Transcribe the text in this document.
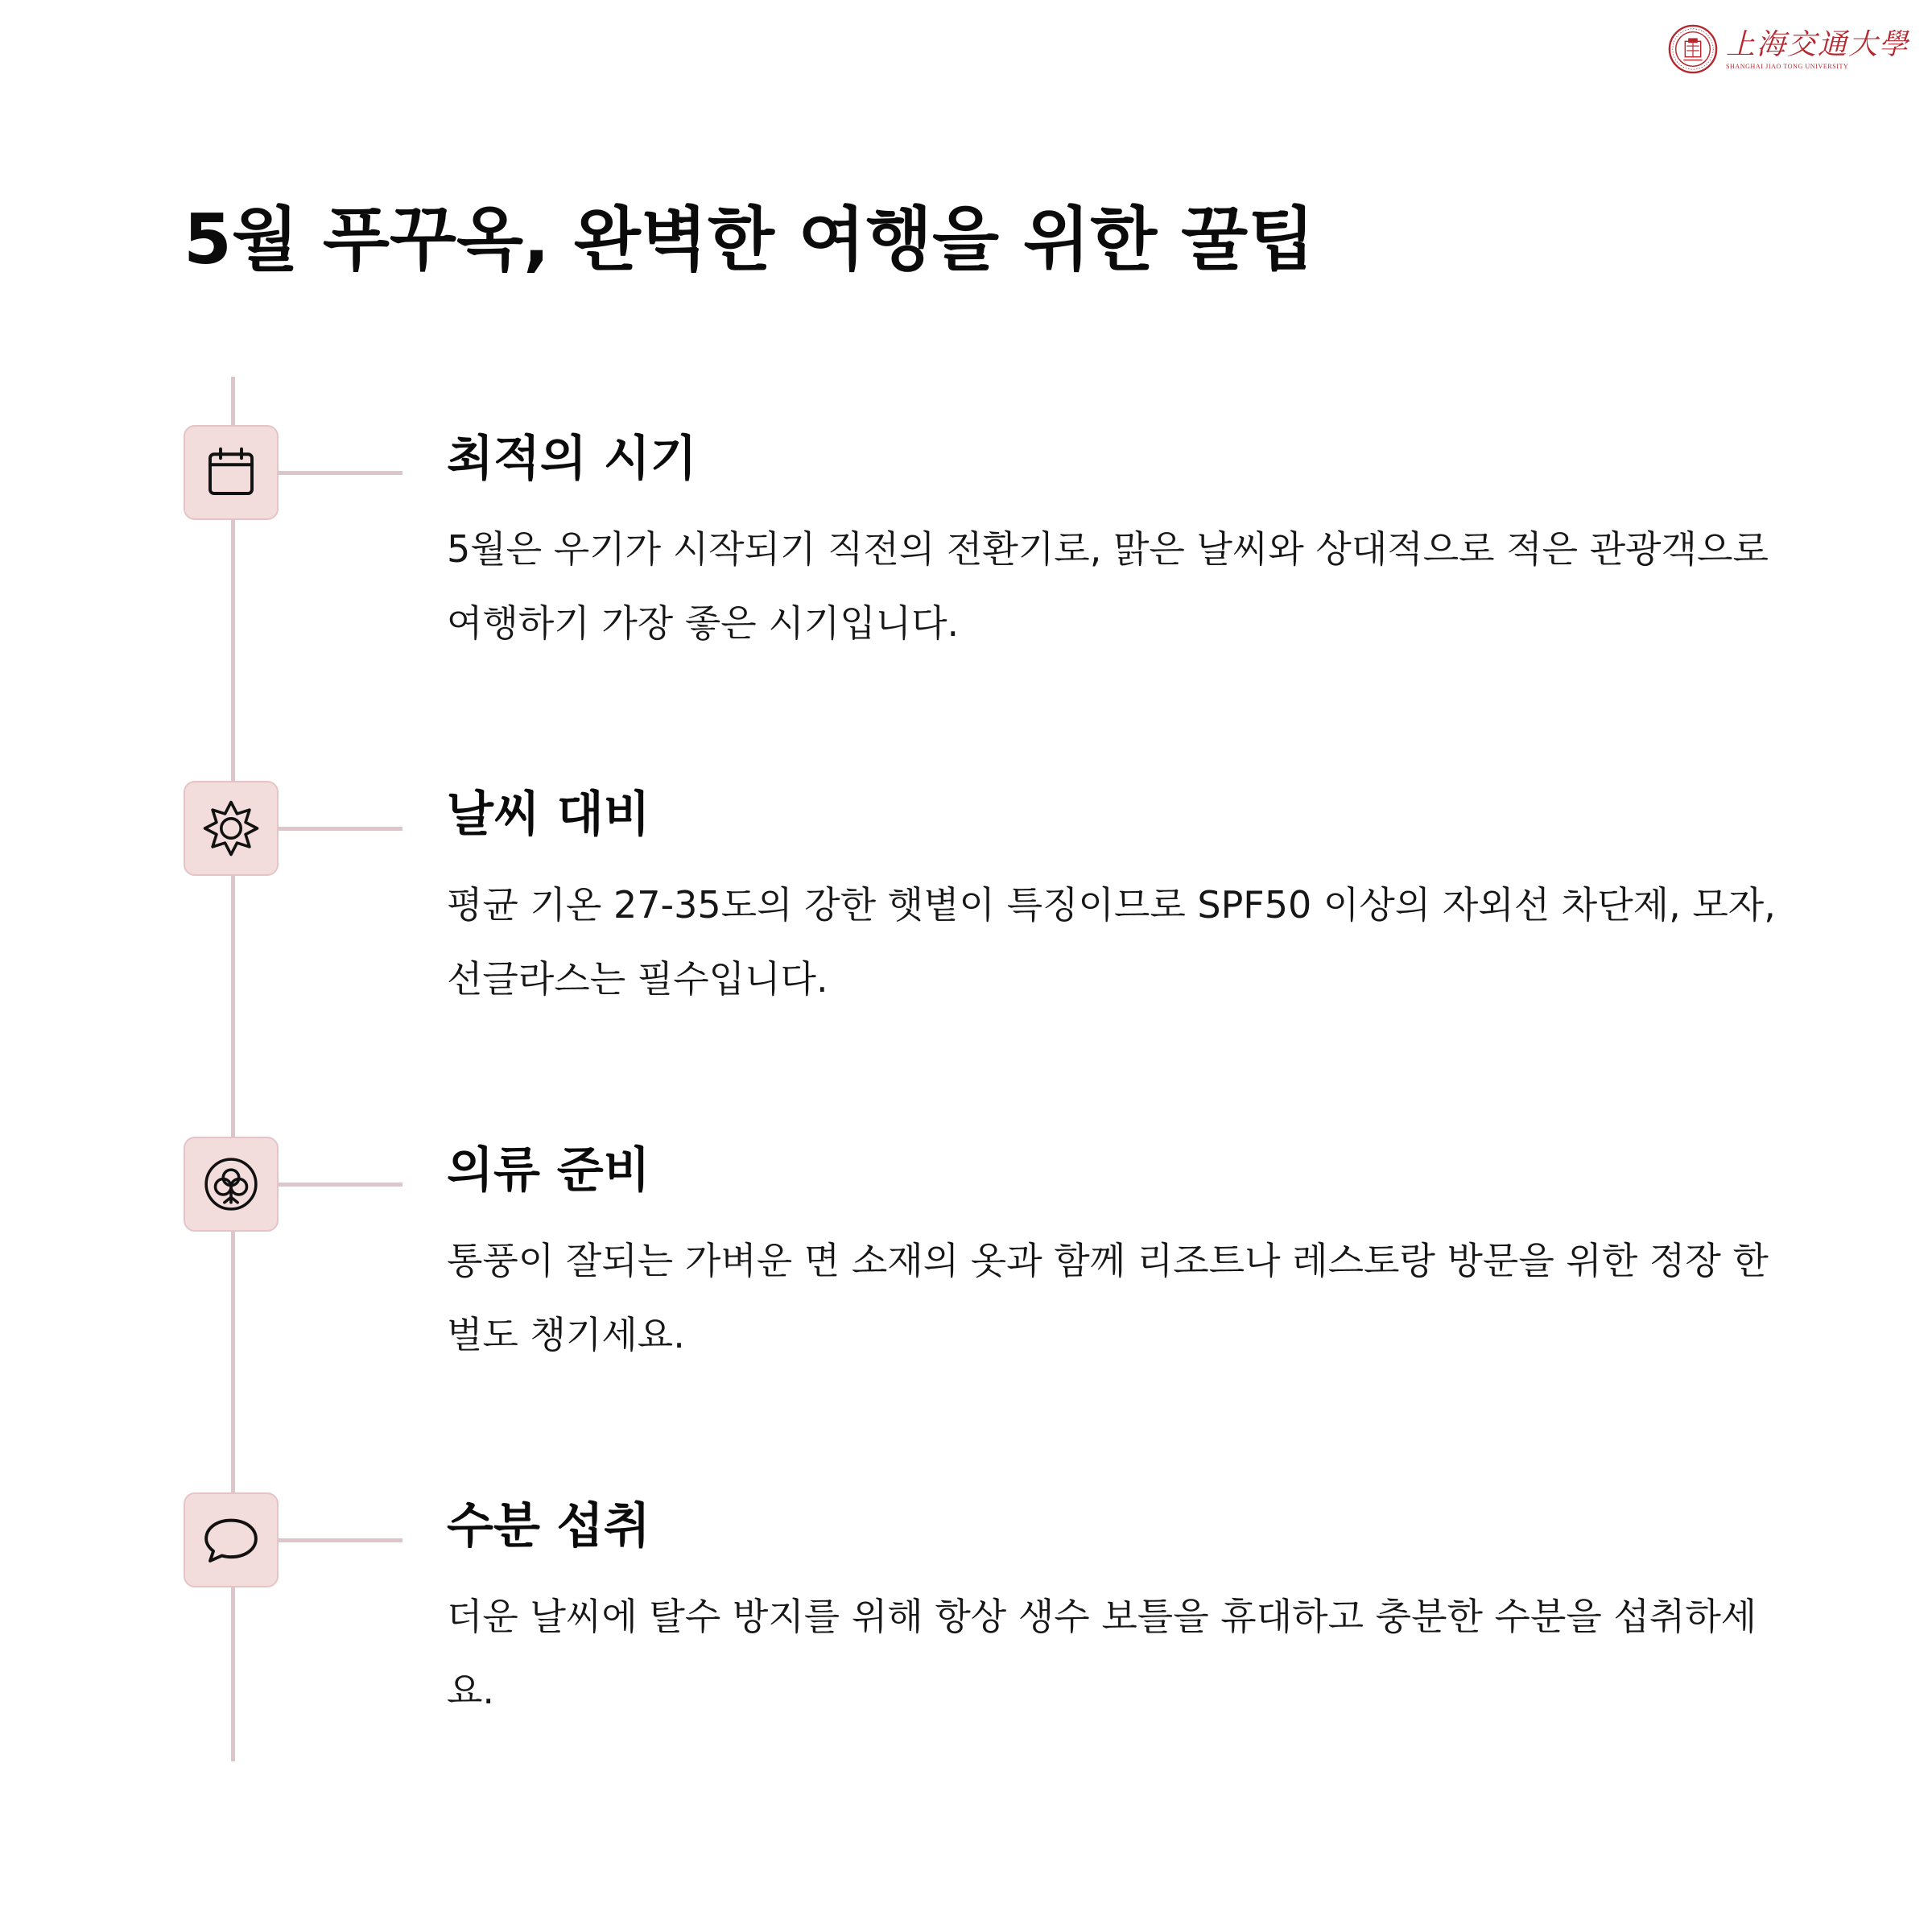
上海交通大學
SHANGHAI JIAO TONG UNIVERSITY
5월 푸꾸옥, 완벽한 여행을 위한 꿀팁
최적의 시기

5월은 우기가 시작되기 직전의 전환기로, 맑은 날씨와 상대적으로 적은 관광객으로 여행하기 가장 좋은 시기입니다.

날씨 대비

평균 기온 27-35도의 강한 햇볕이 특징이므로 SPF50 이상의 자외선 차단제, 모자, 선글라스는 필수입니다.

의류 준비

통풍이 잘되는 가벼운 면 소재의 옷과 함께 리조트나 레스토랑 방문을 위한 정장 한 벌도 챙기세요.

수분 섭취

더운 날씨에 탈수 방지를 위해 항상 생수 보틀을 휴대하고 충분한 수분을 섭취하세요.
